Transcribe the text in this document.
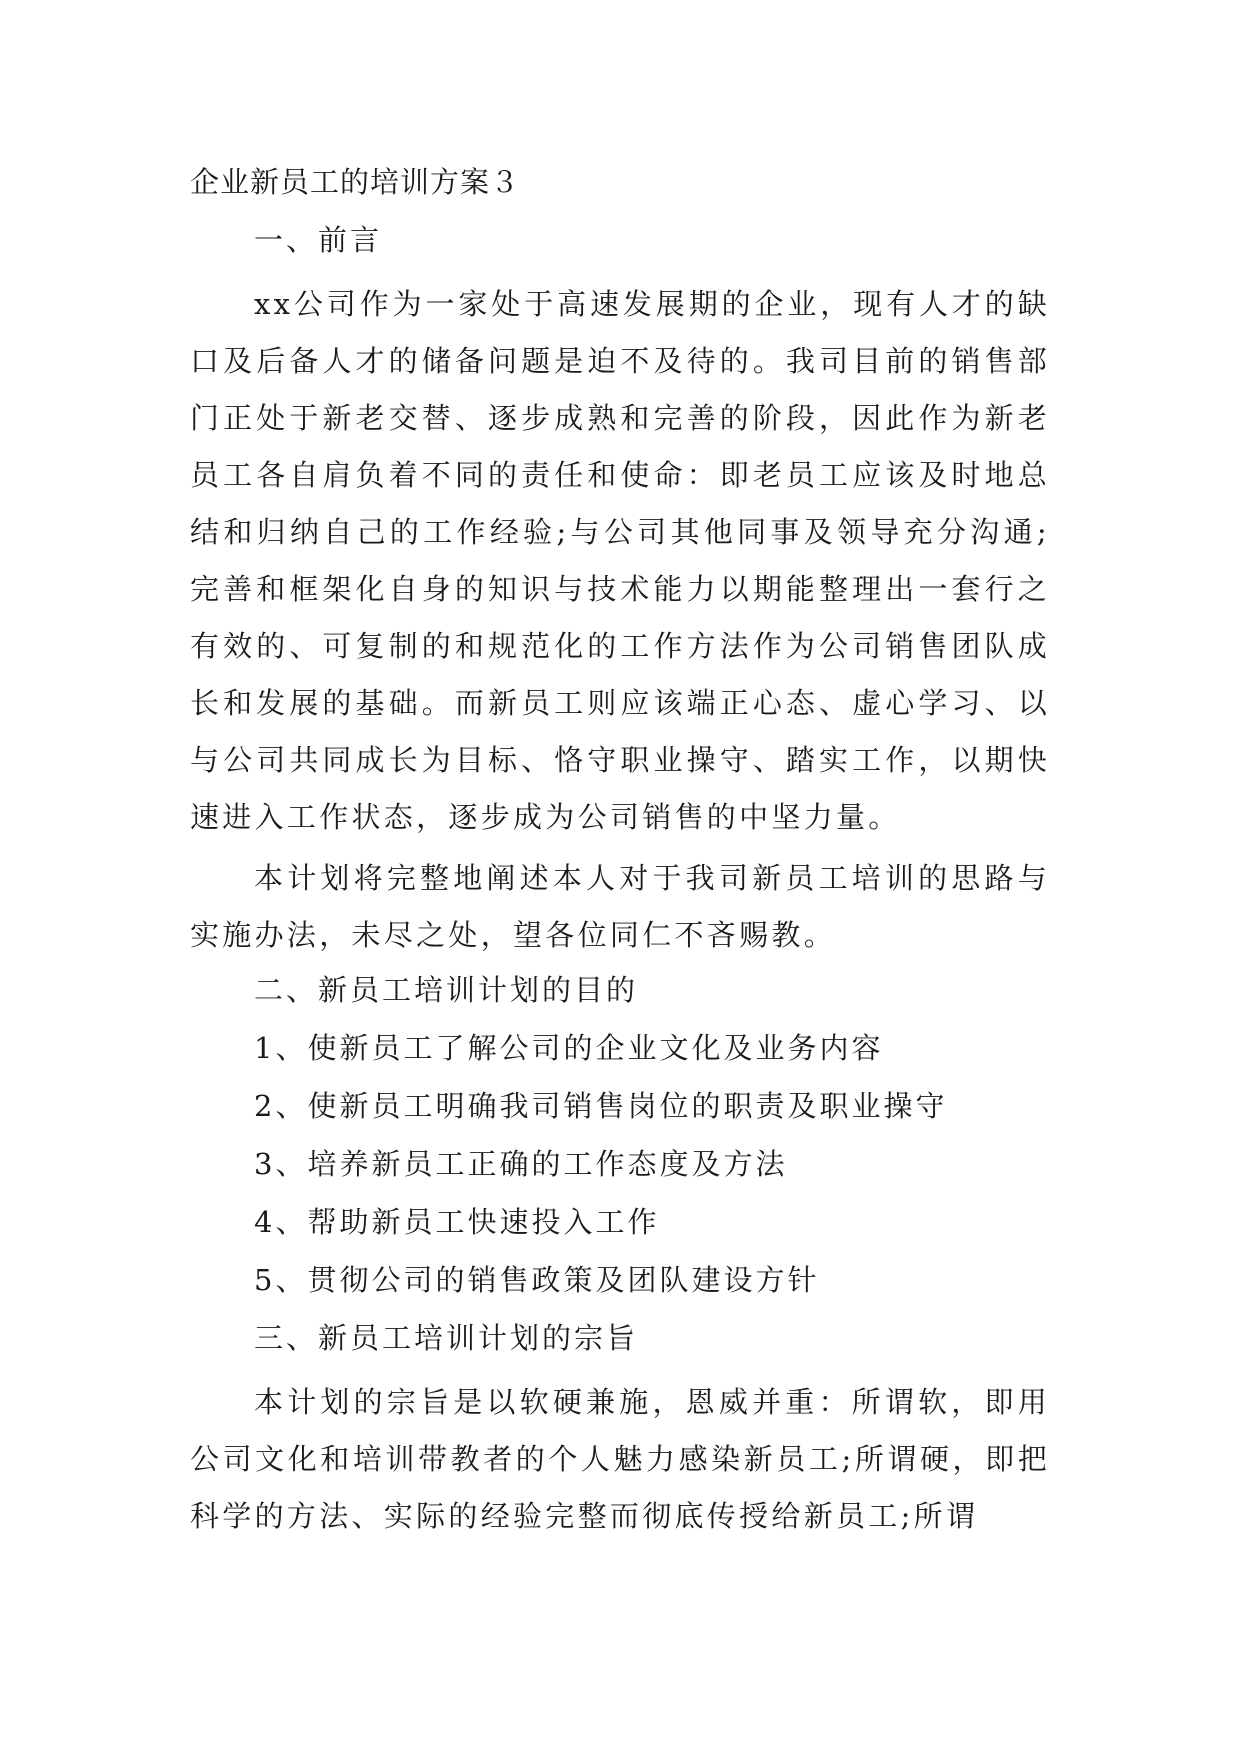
企业新员工的培训方案３
一、前言

xx公司作为一家处于高速发展期的企业，现有人才的缺口及后备人才的储备问题是迫不及待的。我司目前的销售部门正处于新老交替、逐步成熟和完善的阶段，因此作为新老员工各自肩负着不同的责任和使命：即老员工应该及时地总结和归纳自己的工作经验;与公司其他同事及领导充分沟通;完善和框架化自身的知识与技术能力以期能整理出一套行之有效的、可复制的和规范化的工作方法作为公司销售团队成长和发展的基础。而新员工则应该端正心态、虚心学习、以与公司共同成长为目标、恪守职业操守、踏实工作，以期快速进入工作状态，逐步成为公司销售的中坚力量。

本计划将完整地阐述本人对于我司新员工培训的思路与实施办法，未尽之处，望各位同仁不吝赐教。

二、新员工培训计划的目的
1、使新员工了解公司的企业文化及业务内容
2、使新员工明确我司销售岗位的职责及职业操守
3、培养新员工正确的工作态度及方法
4、帮助新员工快速投入工作
5、贯彻公司的销售政策及团队建设方针
三、新员工培训计划的宗旨

本计划的宗旨是以软硬兼施，恩威并重：所谓软，即用公司文化和培训带教者的个人魅力感染新员工;所谓硬，即把科学的方法、实际的经验完整而彻底传授给新员工;所谓
